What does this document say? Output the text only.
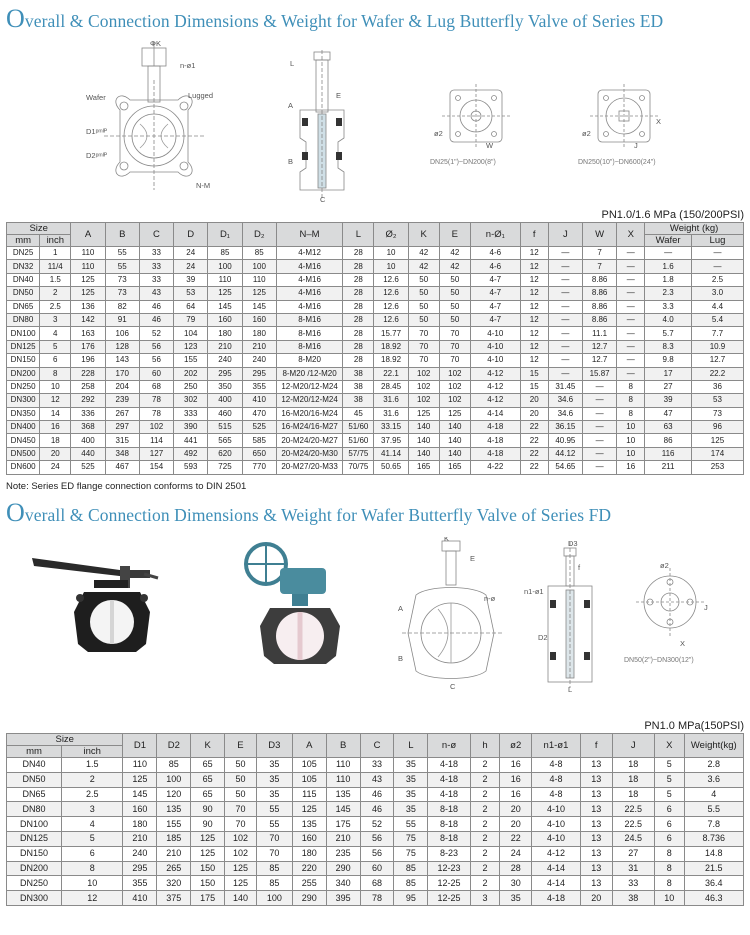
Overall & Connection Dimensions & Weight for Wafer & Lug Butterfly Valve of Series ED
ΦK
n-ø1
Wafer	Lugged
D1ᵖᵐᴵᴾ
D2ᵖᵐᴵᴾ
N-M
A
B
C
L
E
ø2
W
DN25(1")~DN200(8")
ø2
X
J
DN250(10")~DN600(24")
PN1.0/1.6 MPa (150/200PSI)
Size		A	B	C	D	D₁	D₂	N–M	L	Ø₂	K	E	n-Ø₁	f	J	W	X	Weight (kg)	
mm	inch																	Wafer	Lug
DN25	1	110	55	33	24	85	85	4-M12	28	10	42	42	4-6	12	—	7	—	—	—
DN32	11/4	110	55	33	24	100	100	4-M16	28	10	42	42	4-6	12	—	7	—	1.6	—
DN40	1.5	125	73	33	39	110	110	4-M16	28	12.6	50	50	4-7	12	—	8.86	—	1.8	2.5
DN50	2	125	73	43	53	125	125	4-M16	28	12.6	50	50	4-7	12	—	8.86	—	2.3	3.0
DN65	2.5	136	82	46	64	145	145	4-M16	28	12.6	50	50	4-7	12	—	8.86	—	3.3	4.4
DN80	3	142	91	46	79	160	160	8-M16	28	12.6	50	50	4-7	12	—	8.86	—	4.0	5.4
DN100	4	163	106	52	104	180	180	8-M16	28	15.77	70	70	4-10	12	—	11.1	—	5.7	7.7
DN125	5	176	128	56	123	210	210	8-M16	28	18.92	70	70	4-10	12	—	12.7	—	8.3	10.9
DN150	6	196	143	56	155	240	240	8-M20	28	18.92	70	70	4-10	12	—	12.7	—	9.8	12.7
DN200	8	228	170	60	202	295	295	8-M20 /12-M20	38	22.1	102	102	4-12	15	—	15.87	—	17	22.2
DN250	10	258	204	68	250	350	355	12-M20/12-M24	38	28.45	102	102	4-12	15	31.45	—	8	27	36
DN300	12	292	239	78	302	400	410	12-M20/12-M24	38	31.6	102	102	4-12	20	34.6	—	8	39	53
DN350	14	336	267	78	333	460	470	16-M20/16-M24	45	31.6	125	125	4-14	20	34.6	—	8	47	73
DN400	16	368	297	102	390	515	525	16-M24/16-M27	51/60	33.15	140	140	4-18	22	36.15	—	10	63	96
DN450	18	400	315	114	441	565	585	20-M24/20-M27	51/60	37.95	140	140	4-18	22	40.95	—	10	86	125
DN500	20	440	348	127	492	620	650	20-M24/20-M30	57/75	41.14	140	140	4-18	22	44.12	—	10	116	174
DN600	24	525	467	154	593	725	770	20-M27/20-M33	70/75	50.65	165	165	4-22	22	54.65	—	16	211	253
Note: Series ED flange connection conforms to DIN 2501
Overall & Connection Dimensions & Weight for Wafer Butterfly Valve of Series FD
K
E
n-ø
A
B
C
D3
f
n1-ø1
D2
L
ø2
J
X
DN50(2")~DN300(12")
PN1.0 MPa(150PSI)
Size		D1	D2	K	E	D3	A	B	C	L	n-ø	h	ø2	n1-ø1	f	J	X	Weight(kg)
mm	inch																	
DN40	1.5	110	85	65	50	35	105	110	33	35	4-18	2	16	4-8	13	18	5	2.8
DN50	2	125	100	65	50	35	105	110	43	35	4-18	2	16	4-8	13	18	5	3.6
DN65	2.5	145	120	65	50	35	115	135	46	35	4-18	2	16	4-8	13	18	5	4
DN80	3	160	135	90	70	55	125	145	46	35	8-18	2	20	4-10	13	22.5	6	5.5
DN100	4	180	155	90	70	55	135	175	52	55	8-18	2	20	4-10	13	22.5	6	7.8
DN125	5	210	185	125	102	70	160	210	56	75	8-18	2	22	4-10	13	24.5	6	8.736
DN150	6	240	210	125	102	70	180	235	56	75	8-23	2	24	4-12	13	27	8	14.8
DN200	8	295	265	150	125	85	220	290	60	85	12-23	2	28	4-14	13	31	8	21.5
DN250	10	355	320	150	125	85	255	340	68	85	12-25	2	30	4-14	13	33	8	36.4
DN300	12	410	375	175	140	100	290	395	78	95	12-25	3	35	4-18	20	38	10	46.3
